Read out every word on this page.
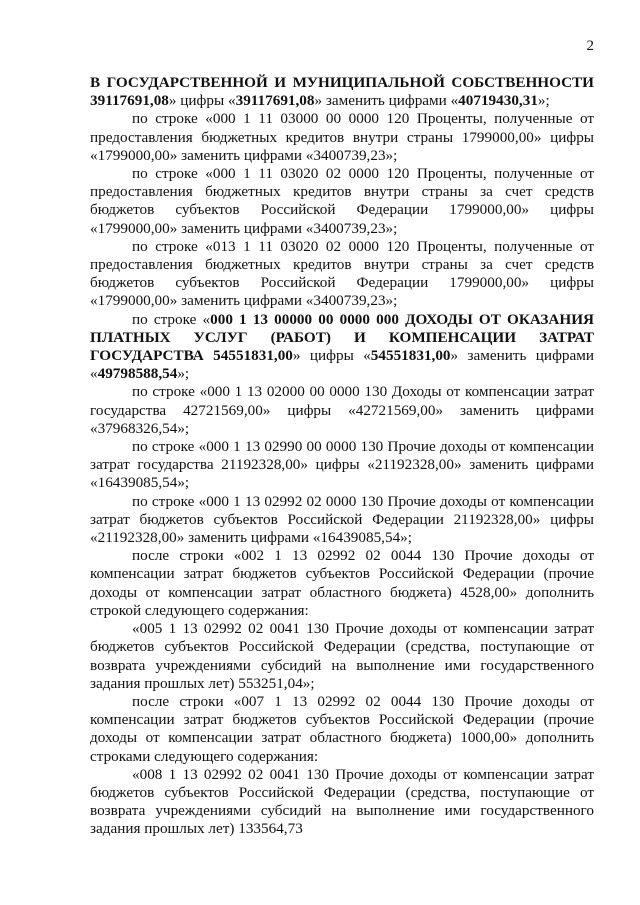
2

В ГОСУДАРСТВЕННОЙ И МУНИЦИПАЛЬНОЙ СОБСТВЕННОСТИ 39117691,08» цифры «39117691,08» заменить цифрами «40719430,31»;

по строке «000 1 11 03000 00 0000 120 Проценты, полученные от предоставления бюджетных кредитов внутри страны 1799000,00» цифры «1799000,00» заменить цифрами «3400739,23»;

по строке «000 1 11 03020 02 0000 120 Проценты, полученные от предоставления бюджетных кредитов внутри страны за счет средств бюджетов субъектов Российской Федерации 1799000,00» цифры «1799000,00» заменить цифрами «3400739,23»;

по строке «013 1 11 03020 02 0000 120 Проценты, полученные от предоставления бюджетных кредитов внутри страны за счет средств бюджетов субъектов Российской Федерации 1799000,00» цифры «1799000,00» заменить цифрами «3400739,23»;

по строке «000 1 13 00000 00 0000 000 ДОХОДЫ ОТ ОКАЗАНИЯ ПЛАТНЫХ УСЛУГ (РАБОТ) И КОМПЕНСАЦИИ ЗАТРАТ ГОСУДАРСТВА 54551831,00» цифры «54551831,00» заменить цифрами «49798588,54»;

по строке «000 1 13 02000 00 0000 130 Доходы от компенсации затрат государства 42721569,00» цифры «42721569,00» заменить цифрами «37968326,54»;

по строке «000 1 13 02990 00 0000 130 Прочие доходы от компенсации затрат государства 21192328,00» цифры «21192328,00» заменить цифрами «16439085,54»;

по строке «000 1 13 02992 02 0000 130 Прочие доходы от компенсации затрат бюджетов субъектов Российской Федерации 21192328,00» цифры «21192328,00» заменить цифрами «16439085,54»;

после строки «002 1 13 02992 02 0044 130 Прочие доходы от компенсации затрат бюджетов субъектов Российской Федерации (прочие доходы от компенсации затрат областного бюджета) 4528,00» дополнить строкой следующего содержания:

«005 1 13 02992 02 0041 130 Прочие доходы от компенсации затрат бюджетов субъектов Российской Федерации (средства, поступающие от возврата учреждениями субсидий на выполнение ими государственного задания прошлых лет) 553251,04»;

после строки «007 1 13 02992 02 0044 130 Прочие доходы от компенсации затрат бюджетов субъектов Российской Федерации (прочие доходы от компенсации затрат областного бюджета) 1000,00» дополнить строками следующего содержания:

«008 1 13 02992 02 0041 130 Прочие доходы от компенсации затрат бюджетов субъектов Российской Федерации (средства, поступающие от возврата учреждениями субсидий на выполнение ими государственного задания прошлых лет) 133564,73
